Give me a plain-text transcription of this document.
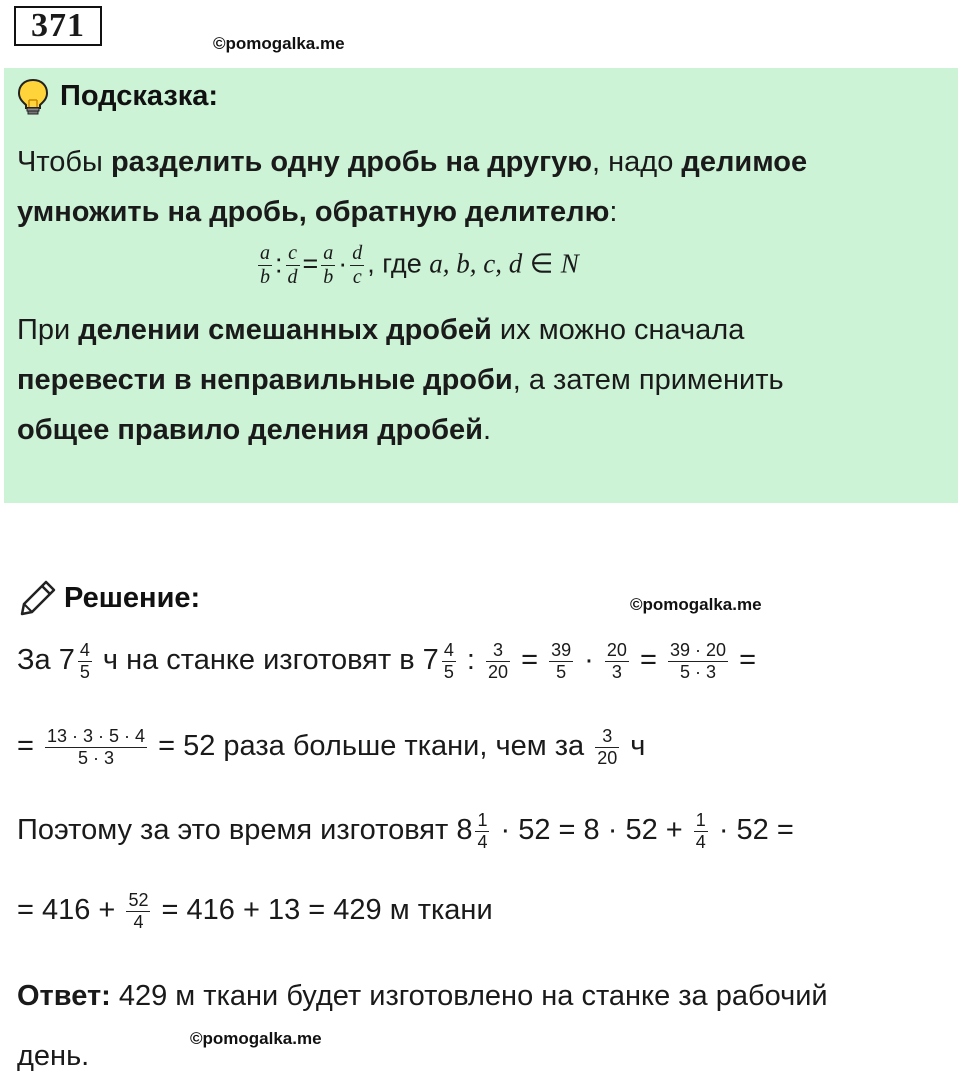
371	©pomogalka.me
Подсказка:
Чтобы разделить одну дробь на другую, надо делимое
умножить на дробь, обратную делителю:
$\frac{a}{b}$ : $\frac{c}{d} = \frac{a}{b} \cdot \frac{d}{c}$ , где a, b, c, d ∈ N
При делении смешанных дробей их можно сначала
перевести в неправильные дроби, а затем применить
общее правило деления дробей.
Решение:	©pomogalka.me
За $7 \frac{4}{5}$ ч на станке изготовят в $7 \frac{4}{5}$ : $\frac{3}{20} = \frac{39}{5} \cdot \frac{20}{3} = \frac{39 \cdot 20}{5 \cdot 3}$ =
= $\frac{13 \cdot 3 \cdot 5 \cdot 4}{5 \cdot 3} = 52$ раза больше ткани, чем за $\frac{3}{20}$ ч
Поэтому за это время изготовят $8 \frac{1}{4} \cdot 52 = 8 \cdot 52 + \frac{1}{4} \cdot 52$ =
= $416 + \frac{52}{4} = 416 + 13 = 429$ м ткани
Ответ: 429 м ткани будет изготовлено на станке за рабочий
©pomogalka.me
день.
